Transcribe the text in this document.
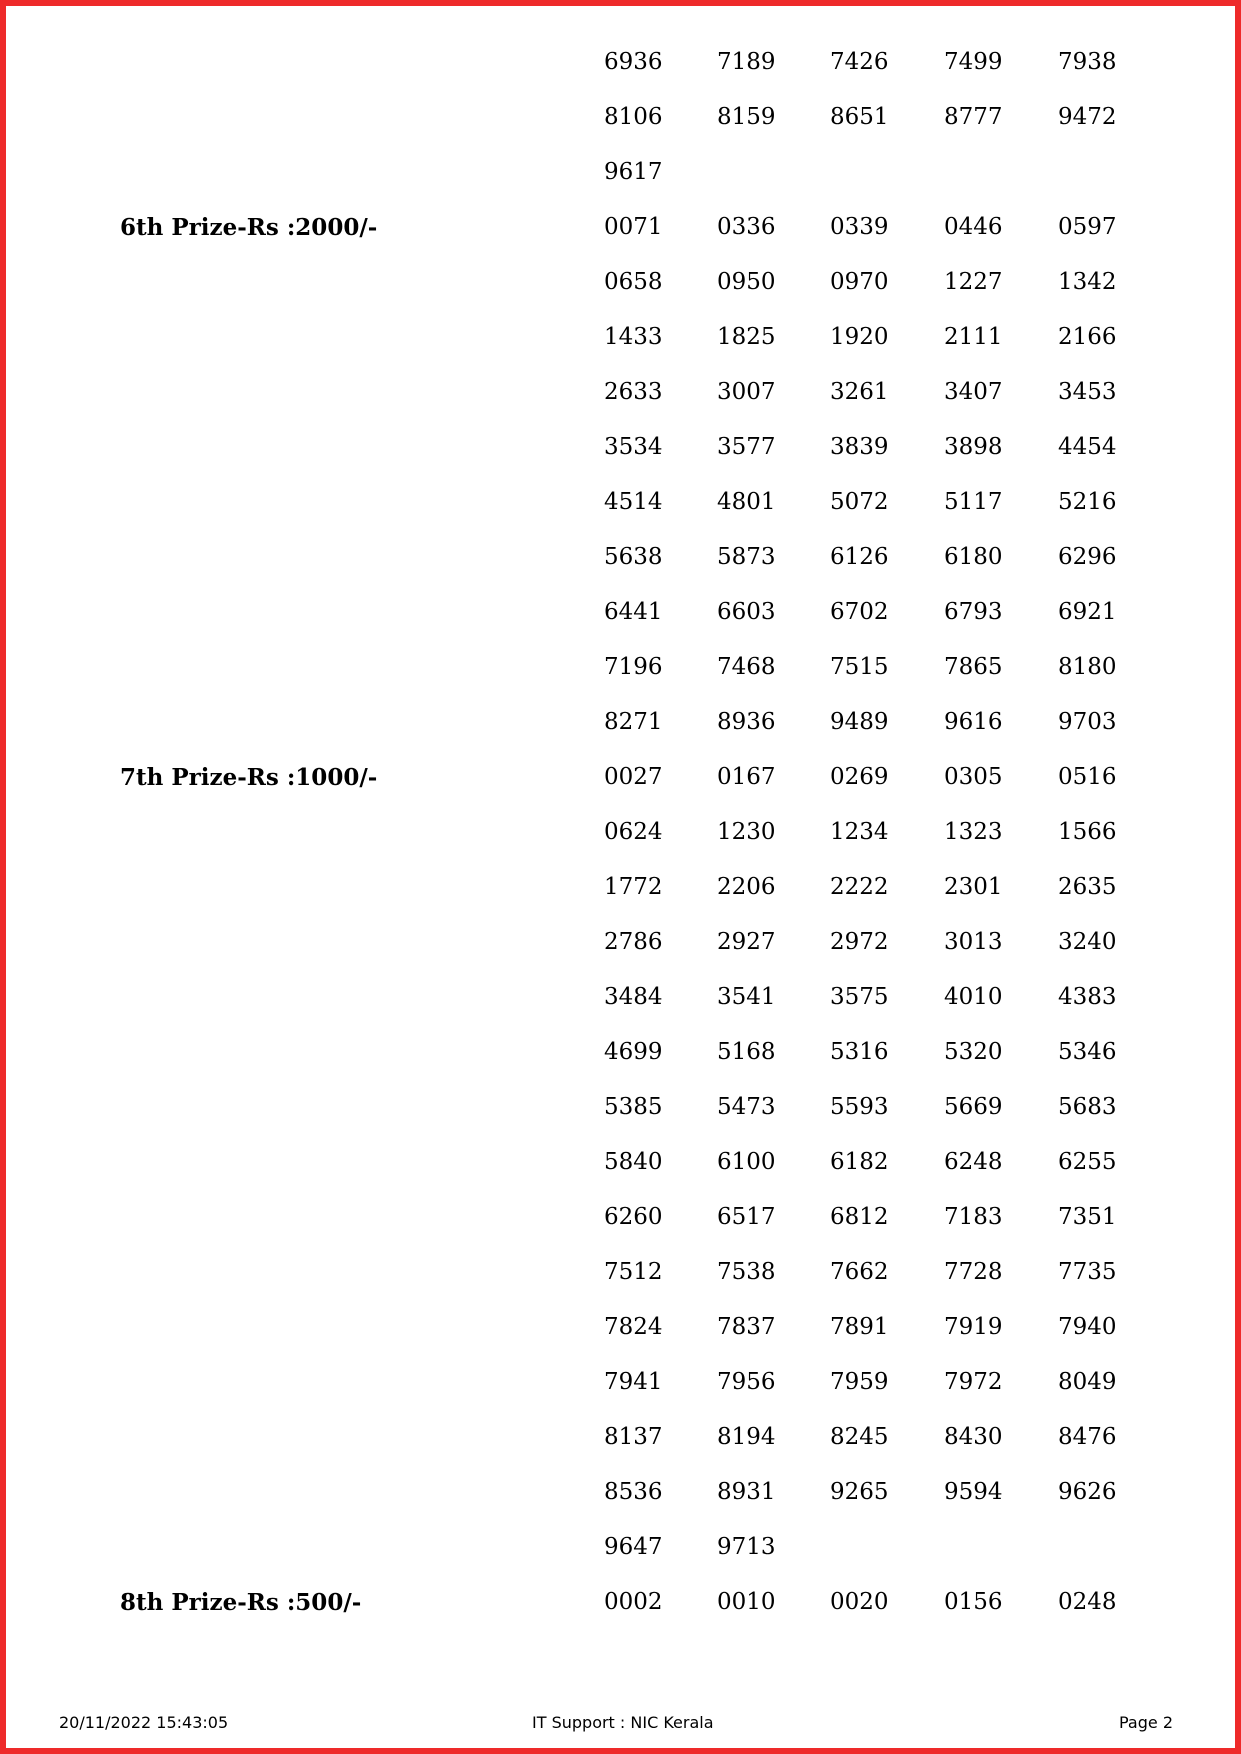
6936 7189 7426 7499 7938
8106 8159 8651 8777 9472
9617
6th Prize-Rs :2000/-	0071 0336 0339 0446 0597
0658 0950 0970 1227 1342
1433 1825 1920 2111 2166
2633 3007 3261 3407 3453
3534 3577 3839 3898 4454
4514 4801 5072 5117 5216
5638 5873 6126 6180 6296
6441 6603 6702 6793 6921
7196 7468 7515 7865 8180
8271 8936 9489 9616 9703
7th Prize-Rs :1000/-	0027 0167 0269 0305 0516
0624 1230 1234 1323 1566
1772 2206 2222 2301 2635
2786 2927 2972 3013 3240
3484 3541 3575 4010 4383
4699 5168 5316 5320 5346
5385 5473 5593 5669 5683
5840 6100 6182 6248 6255
6260 6517 6812 7183 7351
7512 7538 7662 7728 7735
7824 7837 7891 7919 7940
7941 7956 7959 7972 8049
8137 8194 8245 8430 8476
8536 8931 9265 9594 9626
9647 9713
8th Prize-Rs :500/-	0002 0010 0020 0156 0248
20/11/2022 15:43:05	IT Support : NIC Kerala	Page 2
